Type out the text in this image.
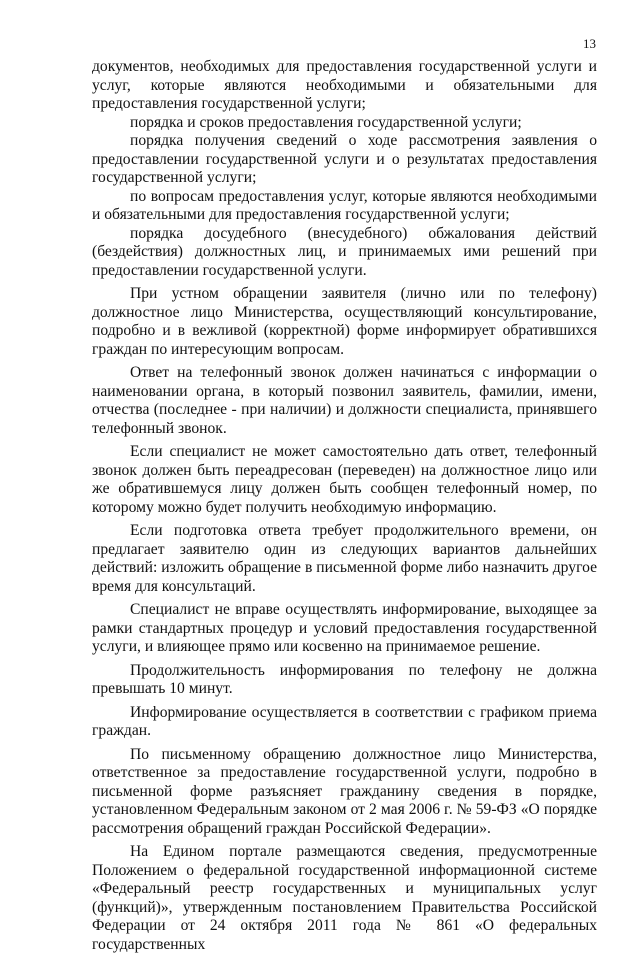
13

документов, необходимых для предоставления государственной услуги и услуг, которые являются необходимыми и обязательными для предоставления государственной услуги;

порядка и сроков предоставления государственной услуги;

порядка получения сведений о ходе рассмотрения заявления о предоставлении государственной услуги и о результатах предоставления государственной услуги;

по вопросам предоставления услуг, которые являются необходимыми и обязательными для предоставления государственной услуги;

порядка досудебного (внесудебного) обжалования действий (бездействия) должностных лиц, и принимаемых ими решений при предоставлении государственной услуги.

При устном обращении заявителя (лично или по телефону) должностное лицо Министерства, осуществляющий консультирование, подробно и в вежливой (корректной) форме информирует обратившихся граждан по интересующим вопросам.

Ответ на телефонный звонок должен начинаться с информации о наименовании органа, в который позвонил заявитель, фамилии, имени, отчества (последнее - при наличии) и должности специалиста, принявшего телефонный звонок.

Если специалист не может самостоятельно дать ответ, телефонный звонок должен быть переадресован (переведен) на должностное лицо или же обратившемуся лицу должен быть сообщен телефонный номер, по которому можно будет получить необходимую информацию.

Если подготовка ответа требует продолжительного времени, он предлагает заявителю один из следующих вариантов дальнейших действий: изложить обращение в письменной форме либо назначить другое время для консультаций.

Специалист не вправе осуществлять информирование, выходящее за рамки стандартных процедур и условий предоставления государственной услуги, и влияющее прямо или косвенно на принимаемое решение.

Продолжительность информирования по телефону не должна превышать 10 минут.

Информирование осуществляется в соответствии с графиком приема граждан.

По письменному обращению должностное лицо Министерства, ответственное за предоставление государственной услуги, подробно в письменной форме разъясняет гражданину сведения в порядке, установленном Федеральным законом от 2 мая 2006 г. № 59-ФЗ «О порядке рассмотрения обращений граждан Российской Федерации».

На Едином портале размещаются сведения, предусмотренные Положением о федеральной государственной информационной системе «Федеральный реестр государственных и муниципальных услуг (функций)», утвержденным постановлением Правительства Российской Федерации от 24 октября 2011 года № 861 «О федеральных государственных
